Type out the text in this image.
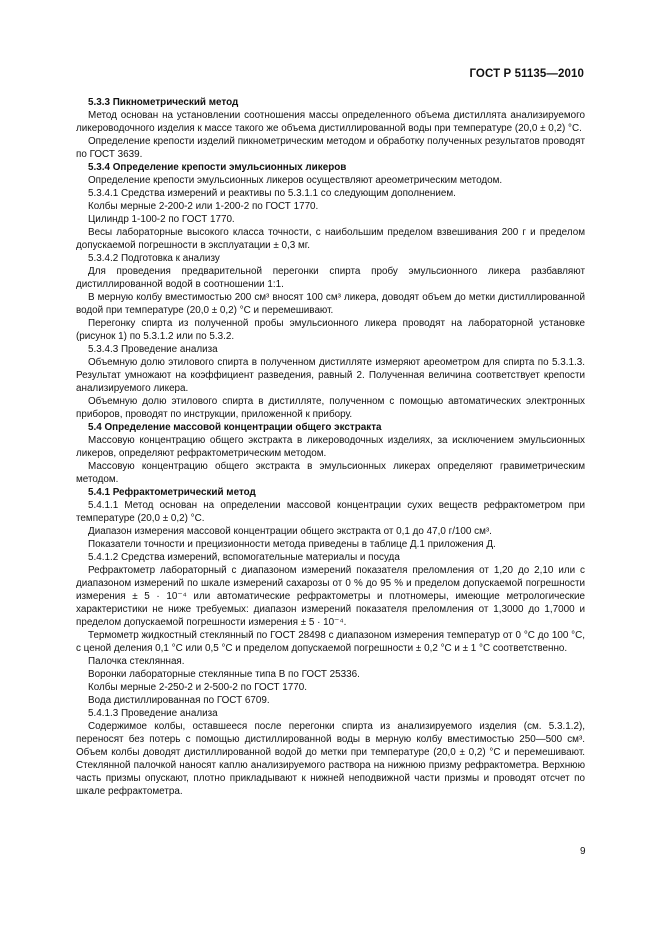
ГОСТ Р 51135—2010

5.3.3 Пикнометрический метод

Метод основан на установлении соотношения массы определенного объема дистиллята анализируемого ликероводочного изделия к массе такого же объема дистиллированной воды при температуре (20,0 ± 0,2) °С.

Определение крепости изделий пикнометрическим методом и обработку полученных результатов проводят по ГОСТ 3639.

5.3.4 Определение крепости эмульсионных ликеров

Определение крепости эмульсионных ликеров осуществляют ареометрическим методом.

5.3.4.1 Средства измерений и реактивы по 5.3.1.1 со следующим дополнением.

Колбы мерные 2-200-2 или 1-200-2 по ГОСТ 1770.

Цилиндр 1-100-2 по ГОСТ 1770.

Весы лабораторные высокого класса точности, с наибольшим пределом взвешивания 200 г и пределом допускаемой погрешности в эксплуатации ± 0,3 мг.

5.3.4.2 Подготовка к анализу

Для проведения предварительной перегонки спирта пробу эмульсионного ликера разбавляют дистиллированной водой в соотношении 1:1.

В мерную колбу вместимостью 200 см³ вносят 100 см³ ликера, доводят объем до метки дистиллированной водой при температуре (20,0 ± 0,2) °С и перемешивают.

Перегонку спирта из полученной пробы эмульсионного ликера проводят на лабораторной установке (рисунок 1) по 5.3.1.2 или по 5.3.2.

5.3.4.3 Проведение анализа

Объемную долю этилового спирта в полученном дистилляте измеряют ареометром для спирта по 5.3.1.3. Результат умножают на коэффициент разведения, равный 2. Полученная величина соответствует крепости анализируемого ликера.

Объемную долю этилового спирта в дистилляте, полученном с помощью автоматических электронных приборов, проводят по инструкции, приложенной к прибору.

5.4 Определение массовой концентрации общего экстракта

Массовую концентрацию общего экстракта в ликероводочных изделиях, за исключением эмульсионных ликеров, определяют рефрактометрическим методом.

Массовую концентрацию общего экстракта в эмульсионных ликерах определяют гравиметрическим методом.

5.4.1 Рефрактометрический метод

5.4.1.1 Метод основан на определении массовой концентрации сухих веществ рефрактометром при температуре (20,0 ± 0,2) °С.

Диапазон измерения массовой концентрации общего экстракта от 0,1 до 47,0 г/100 см³.

Показатели точности и прецизионности метода приведены в таблице Д.1 приложения Д.

5.4.1.2 Средства измерений, вспомогательные материалы и посуда

Рефрактометр лабораторный с диапазоном измерений показателя преломления от 1,20 до 2,10 или с диапазоном измерений по шкале измерений сахарозы от 0 % до 95 % и пределом допускаемой погрешности измерения ± 5 · 10⁻⁴ или автоматические рефрактометры и плотномеры, имеющие метрологические характеристики не ниже требуемых: диапазон измерений показателя преломления от 1,3000 до 1,7000 и пределом допускаемой погрешности измерения ± 5 · 10⁻⁴.

Термометр жидкостный стеклянный по ГОСТ 28498 с диапазоном измерения температур от 0 °С до 100 °С, с ценой деления 0,1 °С или 0,5 °С и пределом допускаемой погрешности ± 0,2 °С и ± 1 °С соответственно.

Палочка стеклянная.

Воронки лабораторные стеклянные типа В по ГОСТ 25336.

Колбы мерные 2-250-2 и 2-500-2 по ГОСТ 1770.

Вода дистиллированная по ГОСТ 6709.

5.4.1.3 Проведение анализа

Содержимое колбы, оставшееся после перегонки спирта из анализируемого изделия (см. 5.3.1.2), переносят без потерь с помощью дистиллированной воды в мерную колбу вместимостью 250—500 см³. Объем колбы доводят дистиллированной водой до метки при температуре (20,0 ± 0,2) °С и перемешивают. Стеклянной палочкой наносят каплю анализируемого раствора на нижнюю призму рефрактометра. Верхнюю часть призмы опускают, плотно прикладывают к нижней неподвижной части призмы и проводят отсчет по шкале рефрактометра.

9
